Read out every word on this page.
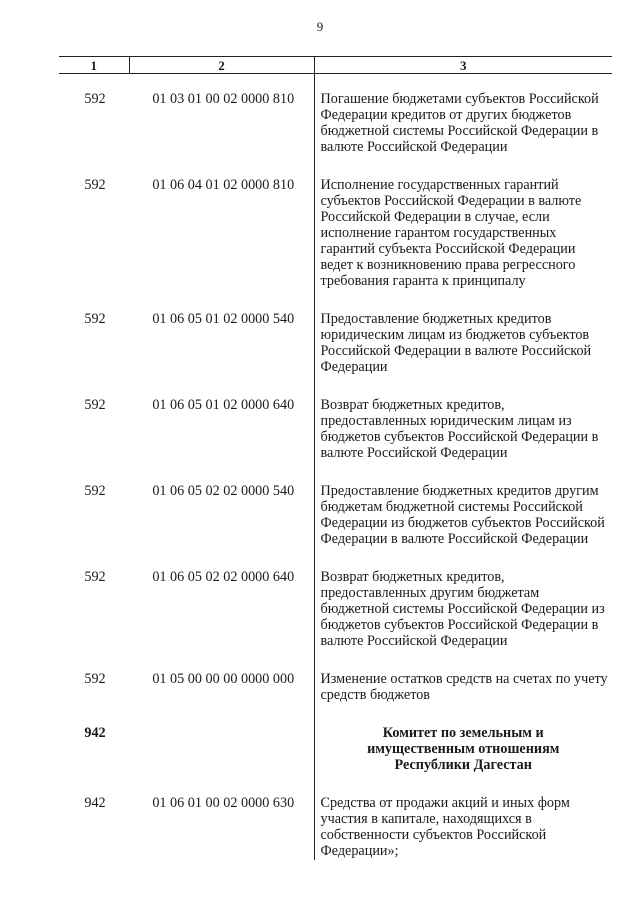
9
1	2	3
592	01 03 01 00 02 0000 810	Погашение бюджетами субъектов Российской Федерации кредитов от других бюджетов бюджетной системы Российской Федерации в валюте Российской Федерации
592	01 06 04 01 02 0000 810	Исполнение государственных гарантий субъектов Российской Федерации в валюте Российской Федерации в случае, если исполнение гарантом государственных гарантий субъекта Российской Федерации ведет к возникновению права регрессного требования гаранта к принципалу
592	01 06 05 01 02 0000 540	Предоставление бюджетных кредитов юридическим лицам из бюджетов субъектов Российской Федерации в валюте Российской Федерации
592	01 06 05 01 02 0000 640	Возврат бюджетных кредитов, предоставленных юридическим лицам из бюджетов субъектов Российской Федерации в валюте Российской Федерации
592	01 06 05 02 02 0000 540	Предоставление бюджетных кредитов другим бюджетам бюджетной системы Российской Федерации из бюджетов субъектов Российской Федерации в валюте Российской Федерации
592	01 06 05 02 02 0000 640	Возврат бюджетных кредитов, предоставленных другим бюджетам бюджетной системы Российской Федерации из бюджетов субъектов Российской Федерации в валюте Российской Федерации
592	01 05 00 00 00 0000 000	Изменение остатков средств на счетах по учету средств бюджетов
942		Комитет по земельным и имущественным отношениям Республики Дагестан
942	01 06 01 00 02 0000 630	Средства от продажи акций и иных форм участия в капитале, находящихся в собственности субъектов Российской Федерации»;
